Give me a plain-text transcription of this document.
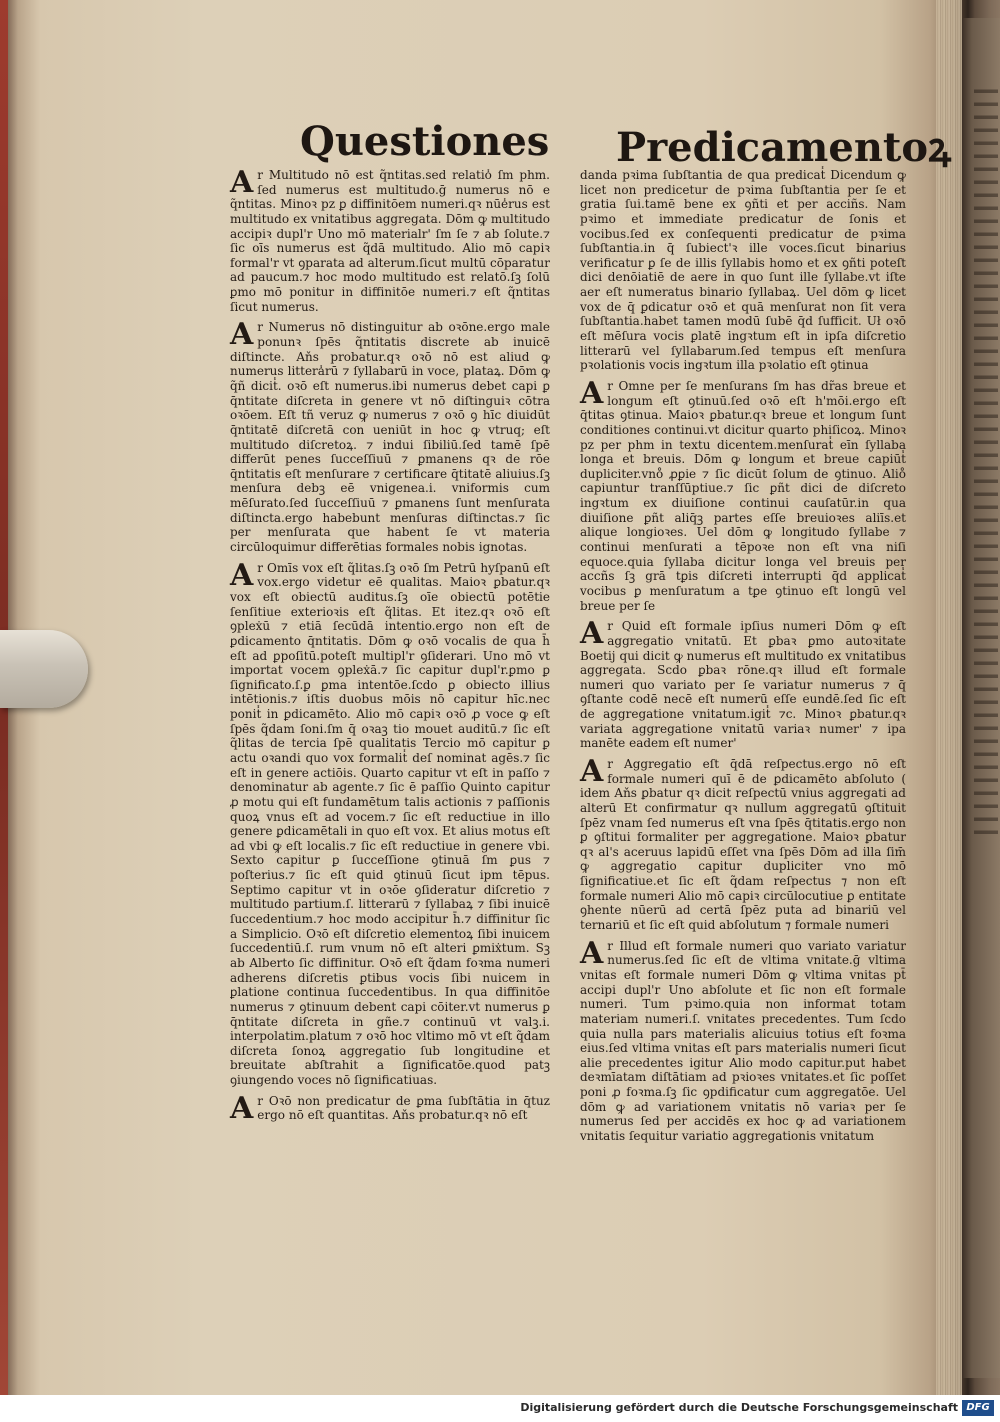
Questiones Predicamentoꝝ

Ar Multitudo nō est q̃ntitas.sed relatio̾ ſm phm. ſed numerus est multitudo.ḡ numerus nō e q̃ntitas. Minoꝛ pz ꝑ diffinitōem numeri.qꝛ nūe̾rus est multitudo ex vnitatibus aggregata. Dōm ꝙ multitudo accipiꝛ dupl'r Uno mō materialr' ſm ſe ⁊ ab ſolute.⁊ ſic oīs numerus est q̃dā multitudo. Alio mō capiꝛ formal'r vt ꝯparata ad alterum.ſicut multū cōparatur ad paucum.⁊ hoc modo multitudo est relatō.ſꝫ ſolū ꝑmo mō ponitur in diffinitōe numeri.⁊ eſt q̃ntitas ſicut numerus.

Ar Numerus nō distinguitur ab oꝛōne.ergo male ponunꝛ ſpēs q̃ntitatis discrete ab inuicē diſtincte. Aňs probatur.qꝛ oꝛō nō est aliud ꝙ numerus littera̾rū ⁊ ſyllabarū in voce, plataꝝ. Dōm ꝙ q̃ñ dicit̾. oꝛō eſt numerus.ibi numerus debet capi ꝑ q̄ntitate diſcreta in genere vt nō diſtinguiꝛ cōtra oꝛōem. Eſt tñ veruz ꝙ numerus ⁊ oꝛō ꝯ hīc diuidūt q̄ntitatē diſcretā con ueniūt in hoc ꝙ vtruq; eſt multitudo diſcretoꝝ. ⁊ indui ſibiliū.ſed tamē ſpē differūt penes ſucceſſiuū ⁊ ꝑmanens qꝛ de rōe q̄ntitatis eſt menſurare ⁊ certificare q̄titatē aliuius.ſꝫ menſura debꝫ eē vnigenea.i. vniformis cum mēſurato.ſed ſucceſſiuū ⁊ ꝑmanens ſunt menſurata diſtincta.ergo habebunt menſuras diſtinctas.⁊ ſic per menſurata que habent ſe vt materia circūloquimur differētias formales nobis ignotas.

Ar Omīs vox eſt q̃litas.ſꝫ oꝛō ſm Petrū hyſpanū eſt vox.ergo videtur eē qualitas. Maioꝛ ꝑbatur.qꝛ vox eſt obiectū auditus.ſꝫ oīe obiectū potētie ſenſitiue exterioꝛis eſt q̃litas. Et itez.qꝛ oꝛō eſt ꝯpleẋū ⁊ etiā ſecūdā intentio.ergo non eſt de ꝑdicamento q̄ntitatis. Dōm ꝙ oꝛō vocalis de qua h̄ eſt ad ꝑpoſitū.poteſt multipl'r ꝯſiderari. Uno mō vt importat vocem ꝯpleẋā.⁊ ſic capitur dupl'r.ꝑmo ꝑ ſignificato.ſ.ꝑ ꝑma intentōe.ſcdo ꝑ obiecto illius intētionis.⁊ iſtis duobus mōis nō capitur hīc.nec ponit̾ in ꝑdicamēto. Alio mō capiꝛ oꝛō ꝓ voce ꝙ eſt ſpēs q̃dam ſoni.ſm q̄ oꝛaꝫ tio mouet auditū.⁊ ſic eſt q̃litas de tercia ſpē qualitatis Tercio mō capitur ꝑ actu oꝛandi quo vox formalit̾ deſ nominat agēs.⁊ ſic eſt in genere actiōis. Quarto capitur vt eſt in paſſo ⁊ denominatur ab agente.⁊ ſic ē paſſio Quinto capitur ꝓ motu qui eſt fundamētum talis actionis ⁊ paſſionis quoꝝ vnus eſt ad vocem.⁊ ſic eſt reductiue in illo genere ꝑdicamētali in quo eſt vox. Et alius motus eſt ad vbi ꝙ eſt localis.⁊ ſic eſt reductiue in genere vbi. Sexto capitur ꝑ ſucceſſione ꝯtinuā ſm ꝑus ⁊ poſterius.⁊ ſic eſt quid ꝯtinuū ſicut ipm tēpus. Septimo capitur vt in oꝛōe ꝯſideratur diſcretio ⁊ multitudo partium.ſ. litterarū ⁊ ſyllabaꝝ ⁊ ſibi inuicē ſuccedentium.⁊ hoc modo accipitur h̄.⁊ diffinitur ſic a Simplicio. Oꝛō eſt diſcretio elementoꝝ ſibi inuicem ſuccedentiū.ſ. rum vnum nō eſt alteri ꝑmiẋtum. Sꝫ ab Alberto ſic diffinitur. Oꝛō eſt q̃dam foꝛma numeri adherens diſcretis ꝑtibus vocis ſibi nuicem in ꝑlatione continua ſuccedentibus. In qua diffinitōe numerus ⁊ ꝯtinuum debent capi cōiter.vt numerus ꝑ q̄ntitate diſcreta in gñe.⁊ continuū vt valꝫ.i. interpolatim.platum ⁊ oꝛō hoc vltimo mō vt eſt q̃dam diſcreta ſonoꝝ aggregatio ſub longitudine et breuitate abſtrahit a ſignificatōe.quod patꝫ ꝯiungendo voces nō ſignificatiuas.

Ar Oꝛō non predicatur de ꝑma ſubſtātia in q̄tuz ergo nō eſt quantitas. Aňs probatur.qꝛ nō eſt

danda pꝛima ſubſtantia de qua predicat̾ Dicendum ꝙ licet non predicetur de pꝛima ſubſtantia per ſe et gratia ſui.tamē bene ex ꝯñti et per acciñs. Nam pꝛimo et immediate predicatur de ſonis et vocibus.ſed ex conſequenti predicatur de pꝛima ſubſtantia.in q̄ ſubiect'ꝛ ille voces.ſicut binarius verificatur ꝑ ſe de illis ſyllabis homo et ex ꝯñti poteſt dici denōiatiē de aere in quo ſunt ille ſyllabe.vt iſte aer eſt numeratus binario ſyllabaꝝ. Uel dōm ꝙ licet vox de q̄ ꝑdicatur oꝛō et quā menſurat non ſit vera ſubſtantia.habet tamen modū ſubē q̄d ſufficit. Uł oꝛō eſt mēſura vocis ꝑlatē ingꝛtum eſt in ipſa diſcretio litterarū vel ſyllabarum.ſed tempus eſt menſura pꝛolationis vocis ingꝛtum illa pꝛolatio eſt ꝯtinua

Ar Omne per ſe menſurans ſm has dr̃as breue et longum eſt ꝯtinuū.ſed oꝛō eſt h'mōi.ergo eſt q̄titas ꝯtinua. Maioꝛ ꝑbatur.qꝛ breue et longum ſunt conditiones continui.vt dicitur quarto phiſicoꝝ. Minoꝛ pz per phm in textu dicentem.menſurat̾ eīn ſyllaba longa et breuis. Dōm ꝙ longum et breue capiūt̾ dupliciter.vno̊ ꝓꝑie ⁊ ſic dicūt ſolum de ꝯtinuo. Alio̊ capiuntur tranſſūptiue.⁊ ſic ꝑñt dici de diſcreto ingꝛtum ex diuiſione continui cauſatūr.in qua diuiſione ꝑñt aliq̄ꝫ partes eſſe breuioꝛes aliīs.et alique longioꝛes. Uel dōm ꝙ longitudo ſyllabe ⁊ continui menſurati a tēpoꝛe non eſt vna niſi equoce.quia ſyllaba dicitur longa vel breuis per accñs ſꝫ grā tꝑis diſcreti interrupti q̄d applicat̾ vocibus ꝑ menſuratum a tꝑe ꝯtinuo eſt longū vel breue per ſe

Ar Quid eſt formale ipſius numeri Dōm ꝙ eſt aggregatio vnitatū. Et ꝑbaꝛ ꝑmo autoꝛitate Boetij qui dicit ꝙ numerus eſt multitudo ex vnitatibus aggregata. Scdo ꝑbaꝛ rōne.qꝛ illud eſt formale numeri quo variato per ſe variatur numerus ⁊ q̄ ꝯſtante codē necē eſt numerū eſſe eundē.ſed ſic eſt de aggregatione vnitatum.igit̾ ⁊c. Minoꝛ ꝑbatur.qꝛ variata aggregatione vnitatū variaꝛ numer' ⁊ ipa manēte eadem eſt numer'

Ar Aggregatio eſt q̄dā reſpectus.ergo nō eſt formale numeri quī ē de ꝑdicamēto abſoluto ( idem Aňs ꝑbatur qꝛ dicit reſpectū vnius aggregati ad alterū Et confirmatur qꝛ nullum aggregatū ꝯſtituit ſpēz vnam ſed numerus eſt vna ſpēs q̄titatis.ergo non ꝑ ꝯſtitui formaliter per aggregatione. Maioꝛ ꝑbatur qꝛ al's aceruus lapidū eſſet vna ſpēs Dōm ad illa ſim̄ ꝙ aggregatio capitur dupliciter vno mō ſignificatiue.et ſic eſt q̃dam reſpectus ⁊ non eſt formale numeri Alio mō capiꝛ circūlocutiue ꝑ entitate ꝯhente nūerū ad certā ſpēz puta ad binariū vel ternariū et ſic eſt quid abſolutum ⁊ formale numeri

Ar Illud eſt formale numeri quo variato variatur numerus.ſed ſic eſt de vltima vnitate.ḡ vltima vnitas eſt formale numeri Dōm ꝙ vltima vnitas pt̄ accipi dupl'r Uno abſolute et ſic non eſt formale numeri. Tum pꝛimo.quia non informat totam materiam numeri.ſ. vnitates precedentes. Tum ſcdo quia nulla pars materialis alicuius totius eſt foꝛma eius.ſed vltima vnitas eſt pars materialis numeri ſicut alie precedentes igitur Alio modo capitur.put habet deꝛmīatam diſtātiam ad pꝛioꝛes vnitates.et ſic poſſet poni ꝓ foꝛma.ſꝫ ſic ꝯpdificatur cum aggregatōe. Uel dōm ꝙ ad variationem vnitatis nō variaꝛ per ſe numerus ſed per accidēs ex hoc ꝙ ad variationem vnitatis ſequitur variatio aggregationis vnitatum

Digitalisierung gefördert durch die Deutsche Forschungsgemeinschaft DFG
